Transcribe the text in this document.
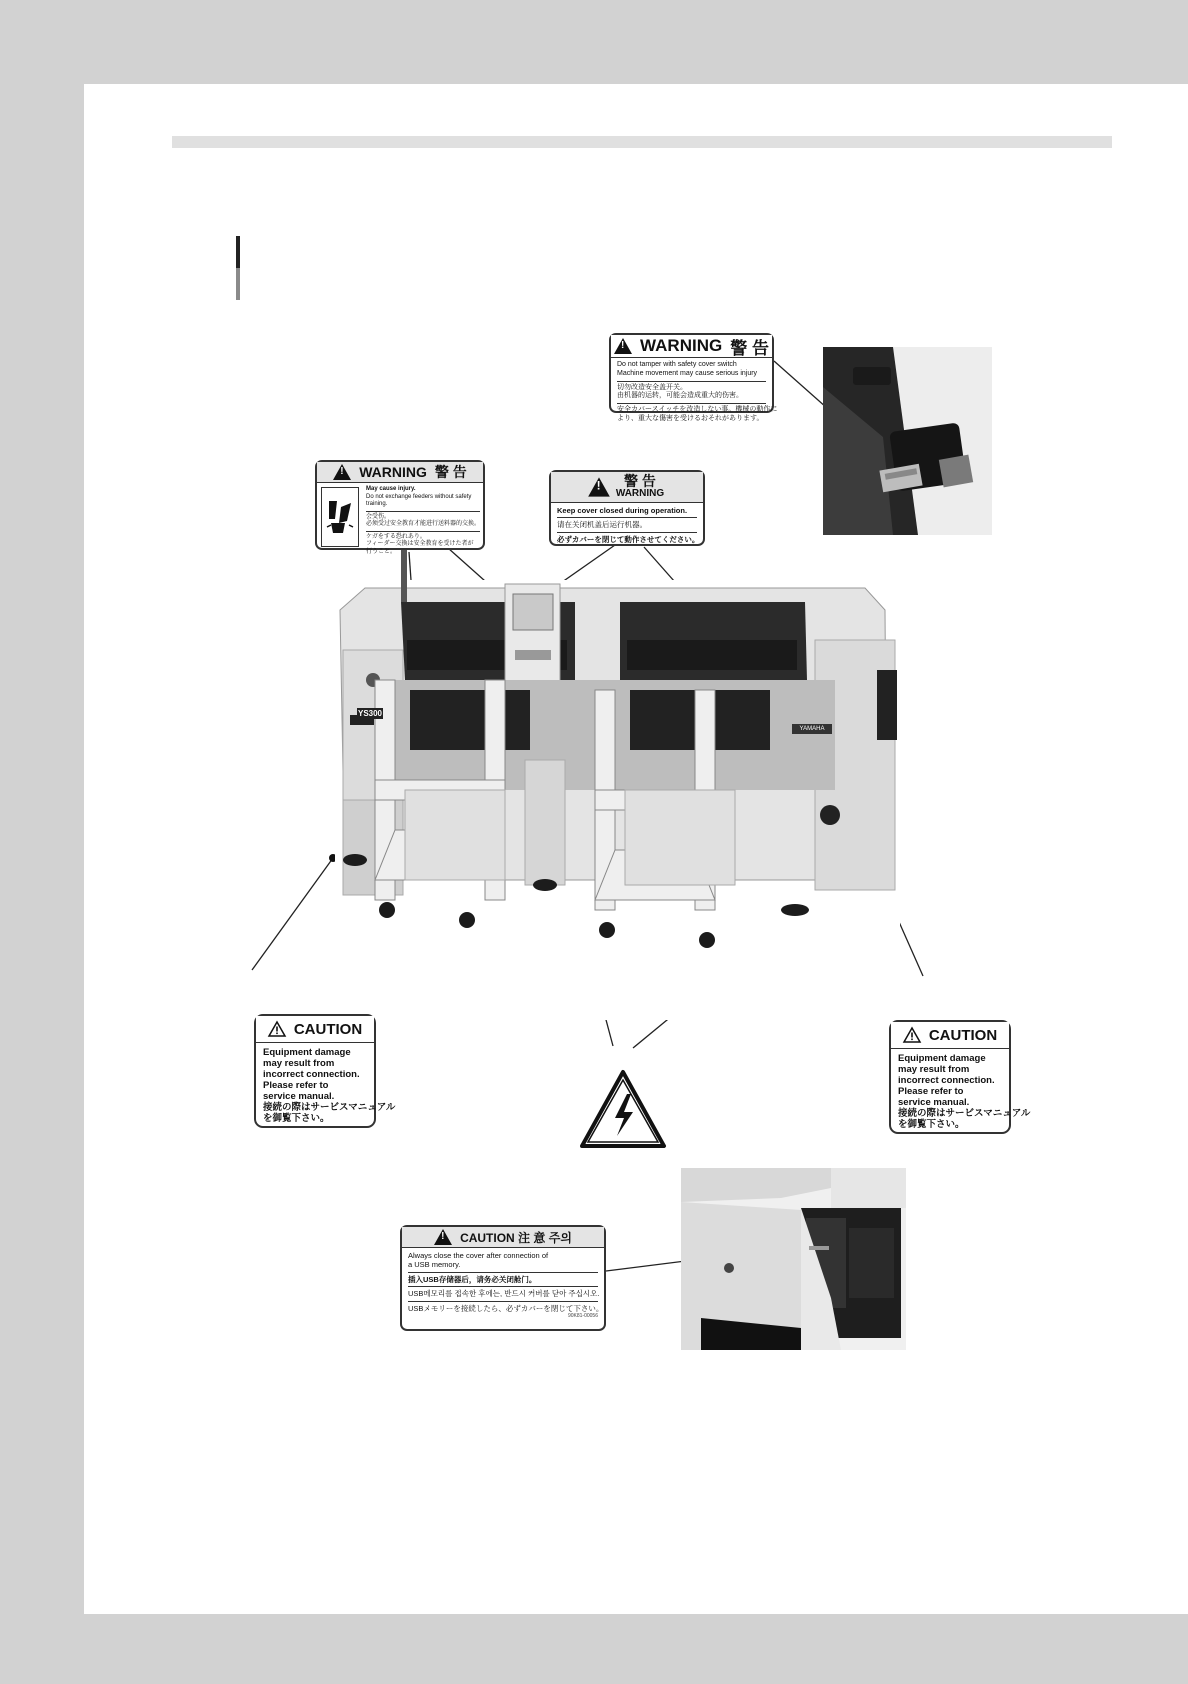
!
WARNING 警 告
Do not tamper with safety cover switch
Machine movement may cause serious injury
切勿改造安全盖开关。
由机器的运转，可能会造成重大的伤害。
安全カバースイッチを改造しない事。機械の動作に
より、重大な傷害を受けるおそれがあります。
!
WARNING 警 告
May cause injury.
Do not exchange feeders without safety
training.
会受伤。
必须受过安全教育才能进行送料器的交换。
ケガをする恐れあり。
フィーダー交換は安全教育を受けた者が
行うこと。
!
警 告
WARNING
Keep cover closed during operation.
请在关闭机盖后运行机器。
必ずカバーを閉じて動作させてください。
CAUTION
Equipment damage
may result from
incorrect connection.
Please refer to
service manual.
接続の際はサービスマニュアル
を御覧下さい。
CAUTION
Equipment damage
may result from
incorrect connection.
Please refer to
service manual.
接続の際はサービスマニュアル
を御覧下さい。
!
CAUTION 注 意 주의
Always close the cover after connection of
a USB memory.
插入USB存储器后，请务必关闭舱门。
USB메모리를 접속한 후에는, 반드시 커버를 닫아 주십시오.
USBメモリーを接続したら、必ずカバーを閉じて下さい。
90K81-00056
YS300
YAMAHA
